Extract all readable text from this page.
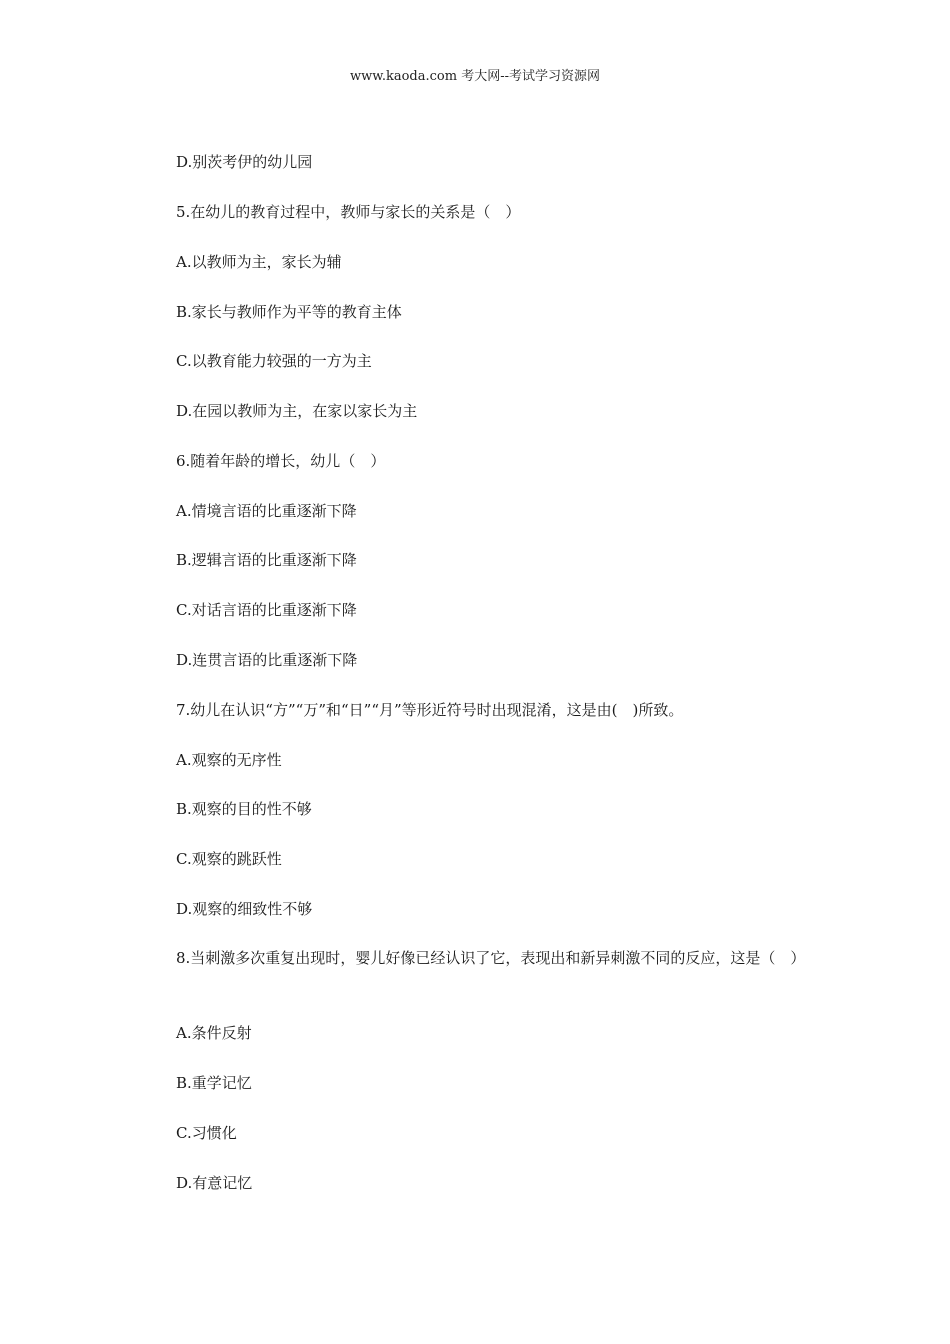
www.kaoda.com 考大网--考试学习资源网
D.别茨考伊的幼儿园
5.在幼儿的教育过程中，教师与家长的关系是（　）
A.以教师为主，家长为辅
B.家长与教师作为平等的教育主体
C.以教育能力较强的一方为主
D.在园以教师为主，在家以家长为主
6.随着年龄的增长，幼儿（　）
A.情境言语的比重逐渐下降
B.逻辑言语的比重逐渐下降
C.对话言语的比重逐渐下降
D.连贯言语的比重逐渐下降
7.幼儿在认识“方”“万”和“日”“月”等形近符号时出现混淆，这是由(　)所致。
A.观察的无序性
B.观察的目的性不够
C.观察的跳跃性
D.观察的细致性不够
8.当刺激多次重复出现时，婴儿好像已经认识了它，表现出和新异刺激不同的反应，这是（　）
A.条件反射
B.重学记忆
C.习惯化
D.有意记忆
